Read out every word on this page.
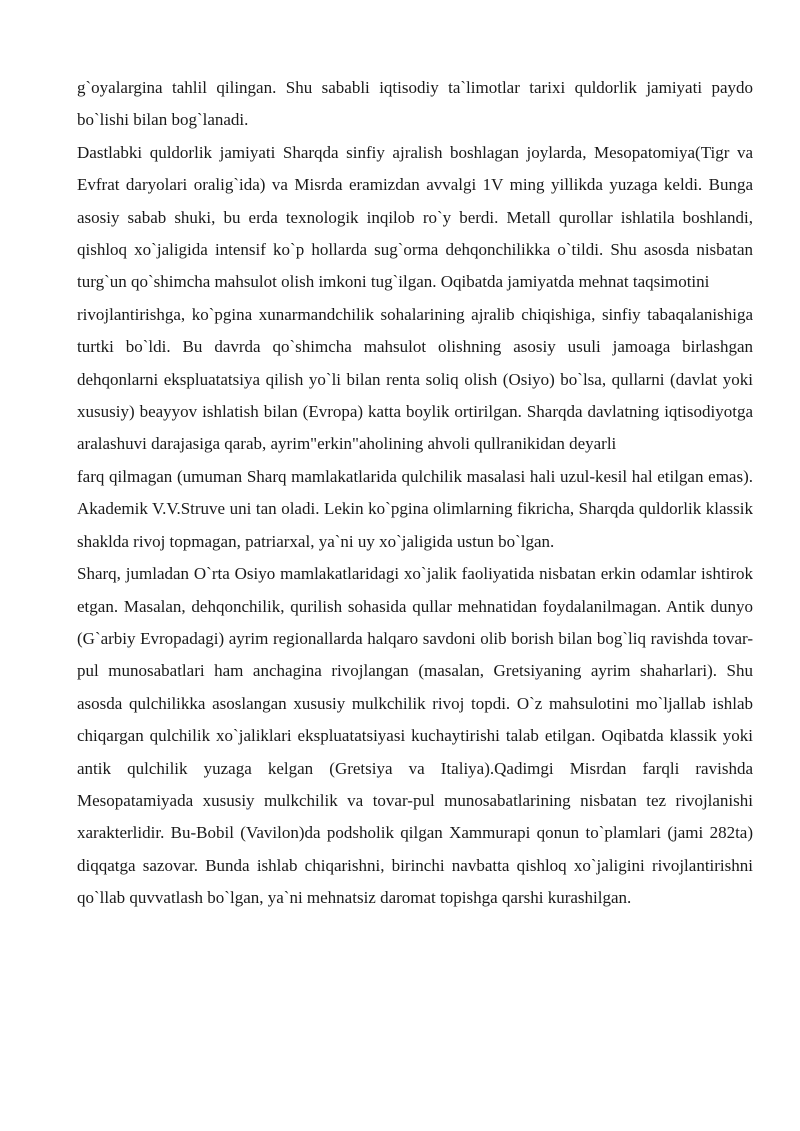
g`oyalargina tahlil qilingan. Shu sababli iqtisodiy ta`limotlar tarixi quldorlik jamiyati paydo bo`lishi bilan bog`lanadi.

Dastlabki quldorlik jamiyati Sharqda sinfiy ajralish boshlagan joylarda, Mesopatomiya(Tigr va Evfrat daryolari oralig`ida) va Misrda eramizdan avvalgi 1V ming yillikda yuzaga keldi. Bunga asosiy sabab shuki, bu erda texnologik inqilob ro`y berdi. Metall qurollar ishlatila boshlandi, qishloq xo`jaligida intensif ko`p hollarda sug`orma dehqonchilikka o`tildi. Shu asosda nisbatan turg`un qo`shimcha mahsulot olish imkoni tug`ilgan. Oqibatda jamiyatda mehnat taqsimotini

rivojlantirishga, ko`pgina xunarmandchilik sohalarining ajralib chiqishiga, sinfiy tabaqalanishiga turtki bo`ldi. Bu davrda qo`shimcha mahsulot olishning asosiy usuli jamoaga birlashgan dehqonlarni ekspluatatsiya qilish yo`li bilan renta soliq olish (Osiyo) bo`lsa, qullarni (davlat yoki xususiy) beayyov ishlatish bilan (Evropa) katta boylik ortirilgan. Sharqda davlatning iqtisodiyotga aralashuvi darajasiga qarab, ayrim"erkin"aholining ahvoli qullranikidan deyarli

farq qilmagan (umuman Sharq mamlakatlarida qulchilik masalasi hali uzul-kesil hal etilgan emas). Akademik V.V.Struve uni tan oladi. Lekin ko`pgina olimlarning fikricha, Sharqda quldorlik klassik shaklda rivoj topmagan, patriarxal, ya`ni uy xo`jaligida ustun bo`lgan.

Sharq, jumladan O`rta Osiyo mamlakatlaridagi xo`jalik faoliyatida nisbatan erkin odamlar ishtirok etgan. Masalan, dehqonchilik, qurilish sohasida qullar mehnatidan foydalanilmagan. Antik dunyo (G`arbiy Evropadagi) ayrim regionallarda halqaro savdoni olib borish bilan bog`liq ravishda tovar-pul munosabatlari ham anchagina rivojlangan (masalan, Gretsiyaning ayrim shaharlari). Shu asosda qulchilikka asoslangan xususiy mulkchilik rivoj topdi. O`z mahsulotini mo`ljallab ishlab chiqargan qulchilik xo`jaliklari ekspluatatsiyasi kuchaytirishi talab etilgan. Oqibatda klassik yoki antik qulchilik yuzaga kelgan (Gretsiya va Italiya).Qadimgi Misrdan farqli ravishda Mesopatamiyada xususiy mulkchilik va tovar-pul munosabatlarining nisbatan tez rivojlanishi xarakterlidir. Bu-Bobil (Vavilon)da podsholik qilgan Xammurapi qonun to`plamlari (jami 282ta) diqqatga sazovar. Bunda ishlab chiqarishni, birinchi navbatta qishloq xo`jaligini rivojlantirishni qo`llab quvvatlash bo`lgan, ya`ni mehnatsiz daromat topishga qarshi kurashilgan.
